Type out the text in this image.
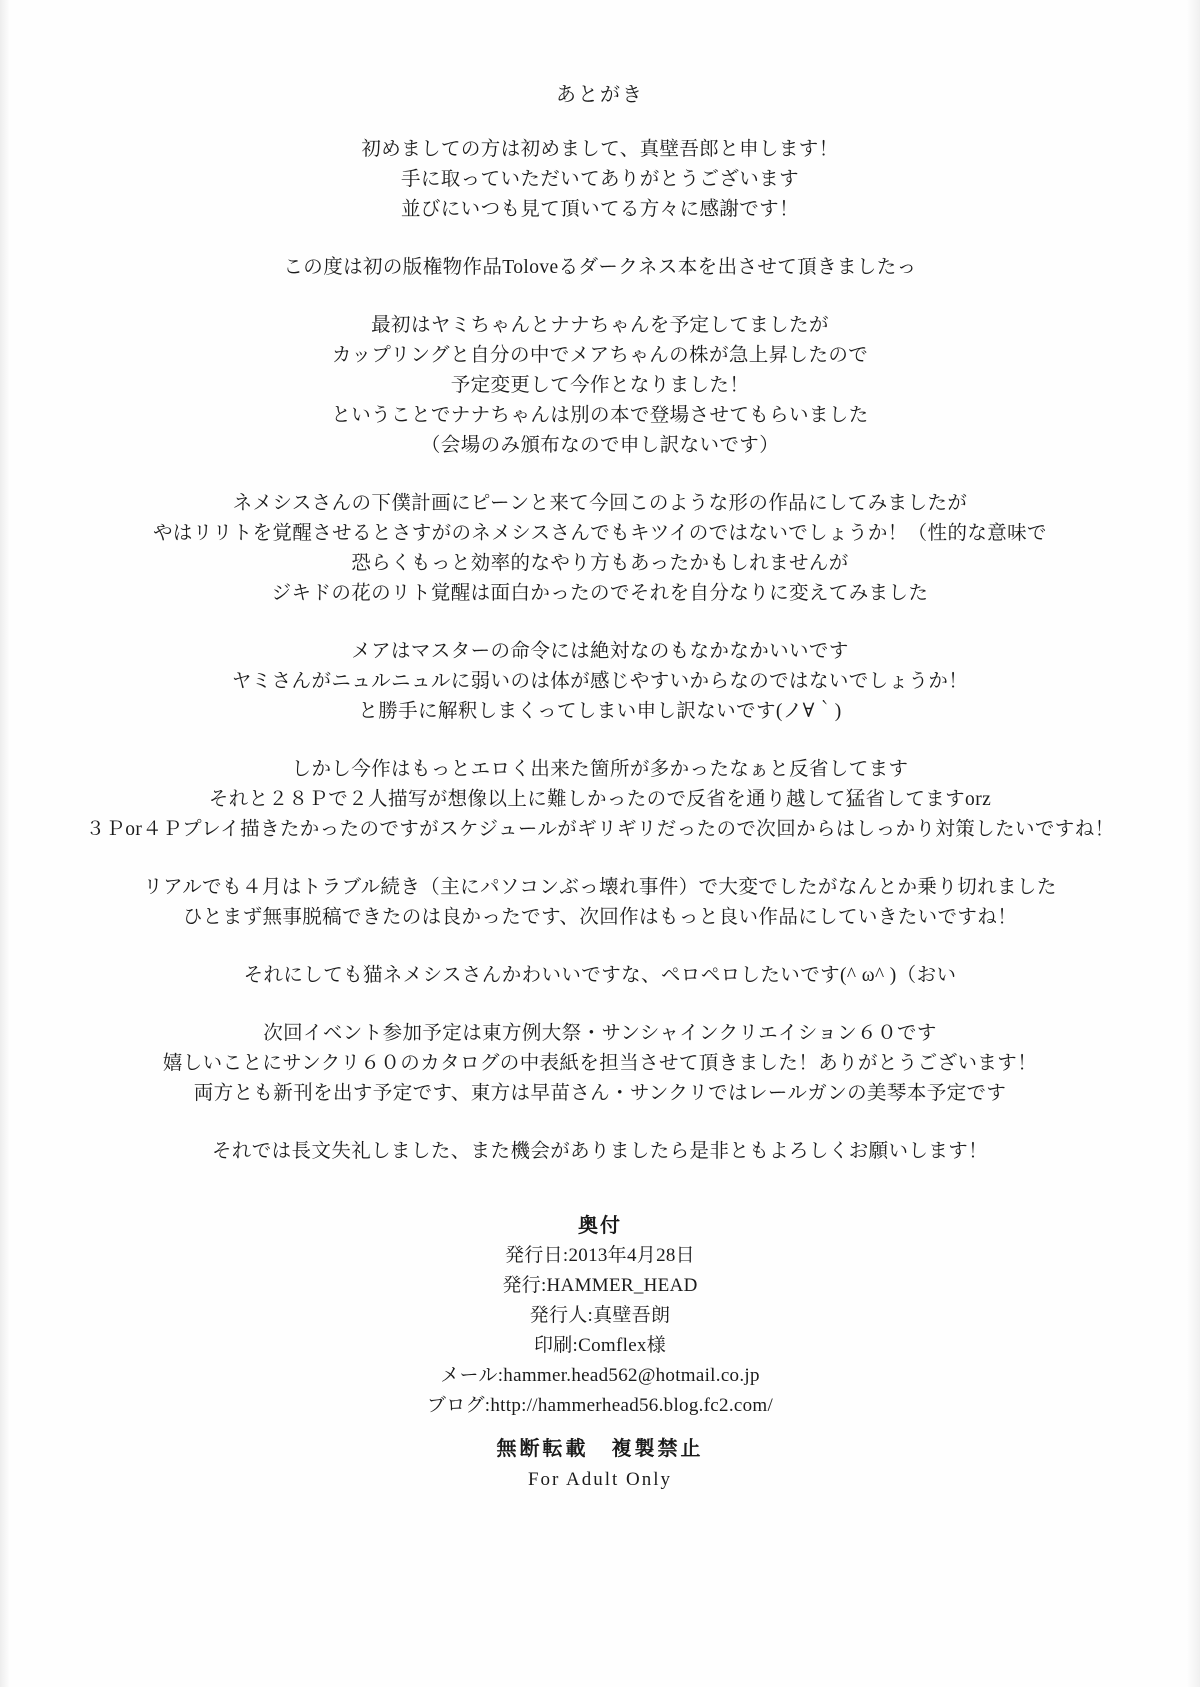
あとがき
初めましての方は初めまして、真壁吾郎と申します！
手に取っていただいてありがとうございます
並びにいつも見て頂いてる方々に感謝です！
この度は初の版権物作品Toloveるダークネス本を出させて頂きましたっ
最初はヤミちゃんとナナちゃんを予定してましたが
カップリングと自分の中でメアちゃんの株が急上昇したので
予定変更して今作となりました！
ということでナナちゃんは別の本で登場させてもらいました
（会場のみ頒布なので申し訳ないです）
ネメシスさんの下僕計画にピーンと来て今回このような形の作品にしてみましたが
やはリリトを覚醒させるとさすがのネメシスさんでもキツイのではないでしょうか！（性的な意味で
恐らくもっと効率的なやり方もあったかもしれませんが
ジキドの花のリト覚醒は面白かったのでそれを自分なりに変えてみました
メアはマスターの命令には絶対なのもなかなかいいです
ヤミさんがニュルニュルに弱いのは体が感じやすいからなのではないでしょうか！
と勝手に解釈しまくってしまい申し訳ないです(ノ∀｀)
しかし今作はもっとエロく出来た箇所が多かったなぁと反省してます
それと２８Ｐで２人描写が想像以上に難しかったので反省を通り越して猛省してますorz
３Ｐor４Ｐプレイ描きたかったのですがスケジュールがギリギリだったので次回からはしっかり対策したいですね！
リアルでも４月はトラブル続き（主にパソコンぶっ壊れ事件）で大変でしたがなんとか乗り切れました
ひとまず無事脱稿できたのは良かったです、次回作はもっと良い作品にしていきたいですね！
それにしても猫ネメシスさんかわいいですな、ペロペロしたいです(^ ω^ )（おい
次回イベント参加予定は東方例大祭・サンシャインクリエイション６０です
嬉しいことにサンクリ６０のカタログの中表紙を担当させて頂きました！ありがとうございます！
両方とも新刊を出す予定です、東方は早苗さん・サンクリではレールガンの美琴本予定です
それでは長文失礼しました、また機会がありましたら是非ともよろしくお願いします！
奥付
発行日:2013年4月28日
発行:HAMMER_HEAD
発行人:真壁吾朗
印刷:Comflex様
メール:hammer.head562@hotmail.co.jp
ブログ:http://hammerhead56.blog.fc2.com/
無断転載　複製禁止
For Adult Only
